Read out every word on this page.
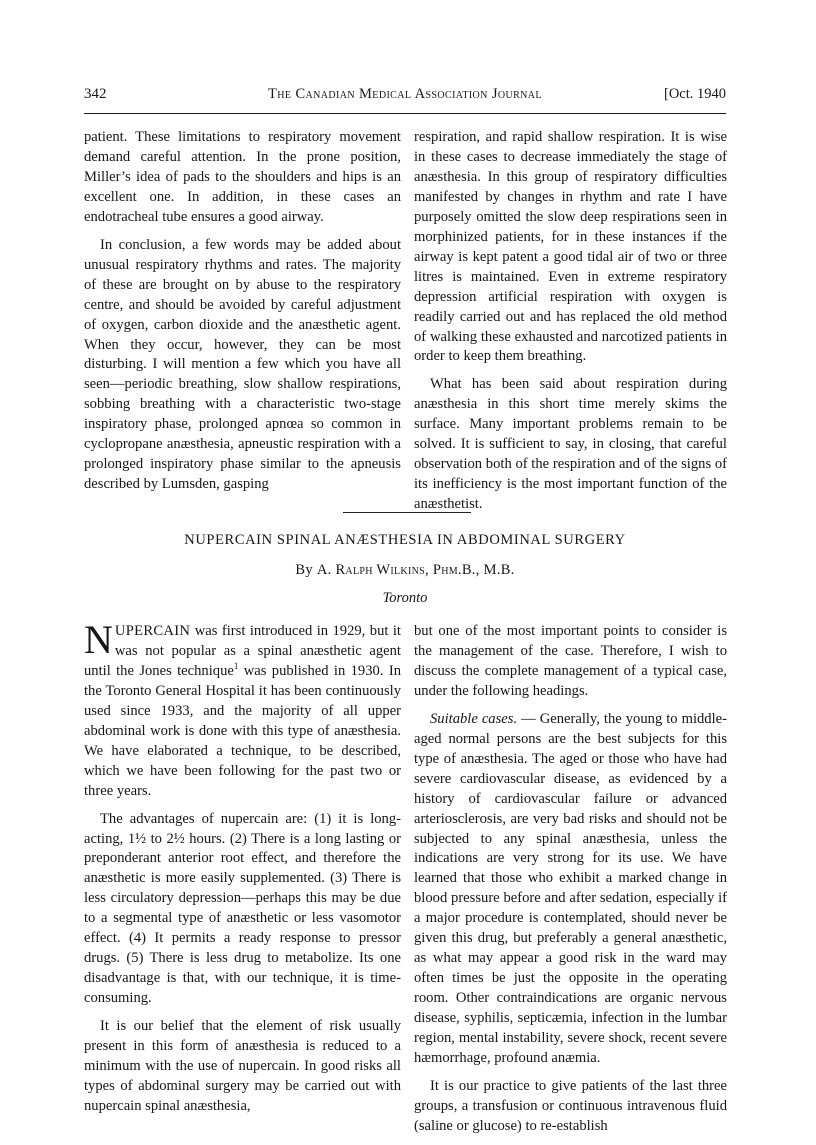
342	The Canadian Medical Association Journal	[Oct. 1940

patient. These limitations to respiratory movement demand careful attention. In the prone position, Miller’s idea of pads to the shoulders and hips is an excellent one. In addition, in these cases an endotracheal tube ensures a good airway.

In conclusion, a few words may be added about unusual respiratory rhythms and rates. The majority of these are brought on by abuse to the respiratory centre, and should be avoided by careful adjustment of oxygen, carbon dioxide and the anæsthetic agent. When they occur, however, they can be most disturbing. I will mention a few which you have all seen—periodic breathing, slow shallow respirations, sobbing breathing with a characteristic two-stage inspiratory phase, prolonged apnœa so common in cyclopropane anæsthesia, apneustic respiration with a prolonged inspiratory phase similar to the apneusis described by Lumsden, gasping

respiration, and rapid shallow respiration. It is wise in these cases to decrease immediately the stage of anæsthesia. In this group of respiratory difficulties manifested by changes in rhythm and rate I have purposely omitted the slow deep respirations seen in morphinized patients, for in these instances if the airway is kept patent a good tidal air of two or three litres is maintained. Even in extreme respiratory depression artificial respiration with oxygen is readily carried out and has replaced the old method of walking these exhausted and narcotized patients in order to keep them breathing.

What has been said about respiration during anæsthesia in this short time merely skims the surface. Many important problems remain to be solved. It is sufficient to say, in closing, that careful observation both of the respiration and of the signs of its inefficiency is the most important function of the anæsthetist.

NUPERCAIN SPINAL ANÆSTHESIA IN ABDOMINAL SURGERY
By A. Ralph Wilkins, Phm.B., M.B.
Toronto

NUPERCAIN was first introduced in 1929, but it was not popular as a spinal anæsthetic agent until the Jones technique$^1$ was published in 1930. In the Toronto General Hospital it has been continuously used since 1933, and the majority of all upper abdominal work is done with this type of anæsthesia. We have elaborated a technique, to be described, which we have been following for the past two or three years.

The advantages of nupercain are: (1) it is long-acting, 1½ to 2½ hours. (2) There is a long lasting or preponderant anterior root effect, and therefore the anæsthetic is more easily supplemented. (3) There is less circulatory depression—perhaps this may be due to a segmental type of anæsthetic or less vasomotor effect. (4) It permits a ready response to pressor drugs. (5) There is less drug to metabolize. Its one disadvantage is that, with our technique, it is time-consuming.

It is our belief that the element of risk usually present in this form of anæsthesia is reduced to a minimum with the use of nupercain. In good risks all types of abdominal surgery may be carried out with nupercain spinal anæsthesia,

but one of the most important points to consider is the management of the case. Therefore, I wish to discuss the complete management of a typical case, under the following headings.

Suitable cases. — Generally, the young to middle-aged normal persons are the best subjects for this type of anæsthesia. The aged or those who have had severe cardiovascular disease, as evidenced by a history of cardiovascular failure or advanced arteriosclerosis, are very bad risks and should not be subjected to any spinal anæsthesia, unless the indications are very strong for its use. We have learned that those who exhibit a marked change in blood pressure before and after sedation, especially if a major procedure is contemplated, should never be given this drug, but preferably a general anæsthetic, as what may appear a good risk in the ward may often times be just the opposite in the operating room. Other contraindications are organic nervous disease, syphilis, septicæmia, infection in the lumbar region, mental instability, severe shock, recent severe hæmorrhage, profound anæmia.

It is our practice to give patients of the last three groups, a transfusion or continuous intravenous fluid (saline or glucose) to re-establish
